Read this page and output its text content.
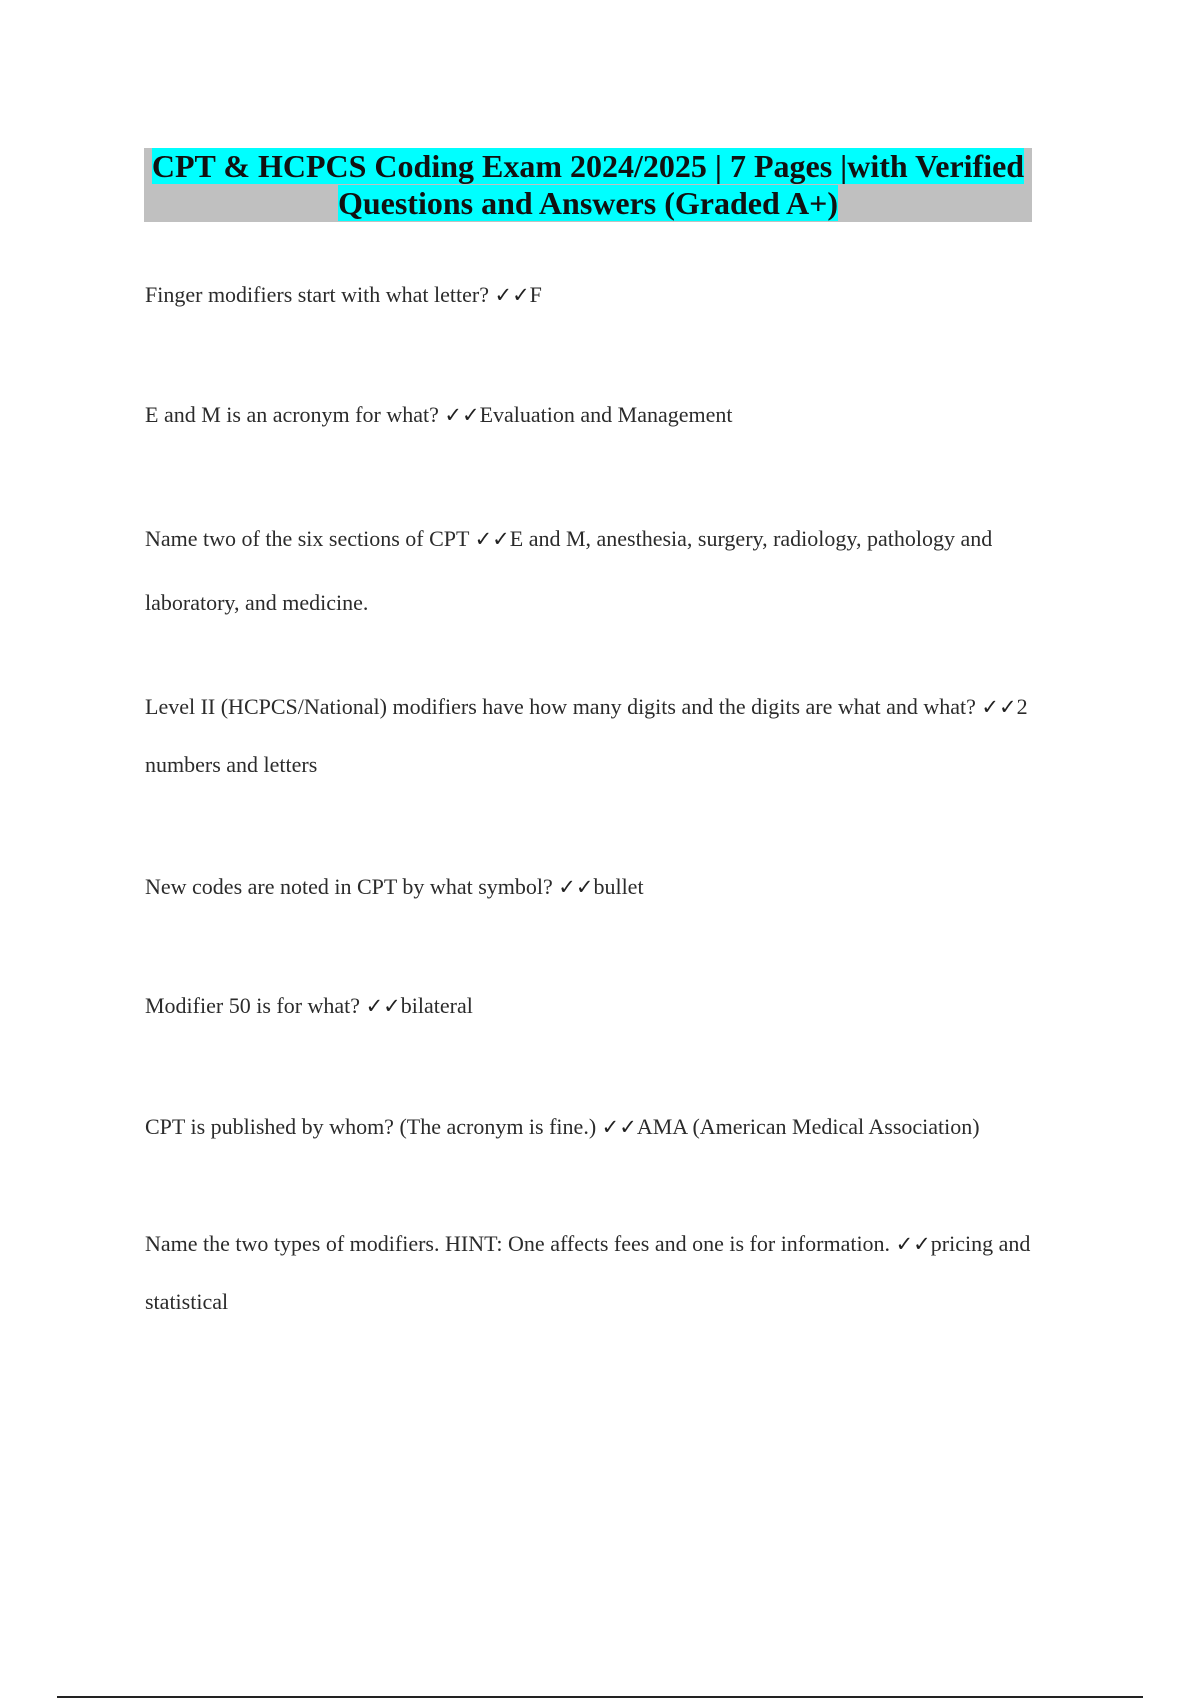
CPT & HCPCS Coding Exam 2024/2025 | 7 Pages |with Verified
Questions and Answers (Graded A+)
Finger modifiers start with what letter? ✓✓F
E and M is an acronym for what? ✓✓Evaluation and Management
Name two of the six sections of CPT ✓✓E and M, anesthesia, surgery, radiology, pathology and laboratory, and medicine.
Level II (HCPCS/National) modifiers have how many digits and the digits are what and what? ✓✓2 numbers and letters
New codes are noted in CPT by what symbol? ✓✓bullet
Modifier 50 is for what? ✓✓bilateral
CPT is published by whom? (The acronym is fine.) ✓✓AMA (American Medical Association)
Name the two types of modifiers. HINT: One affects fees and one is for information. ✓✓pricing and statistical
